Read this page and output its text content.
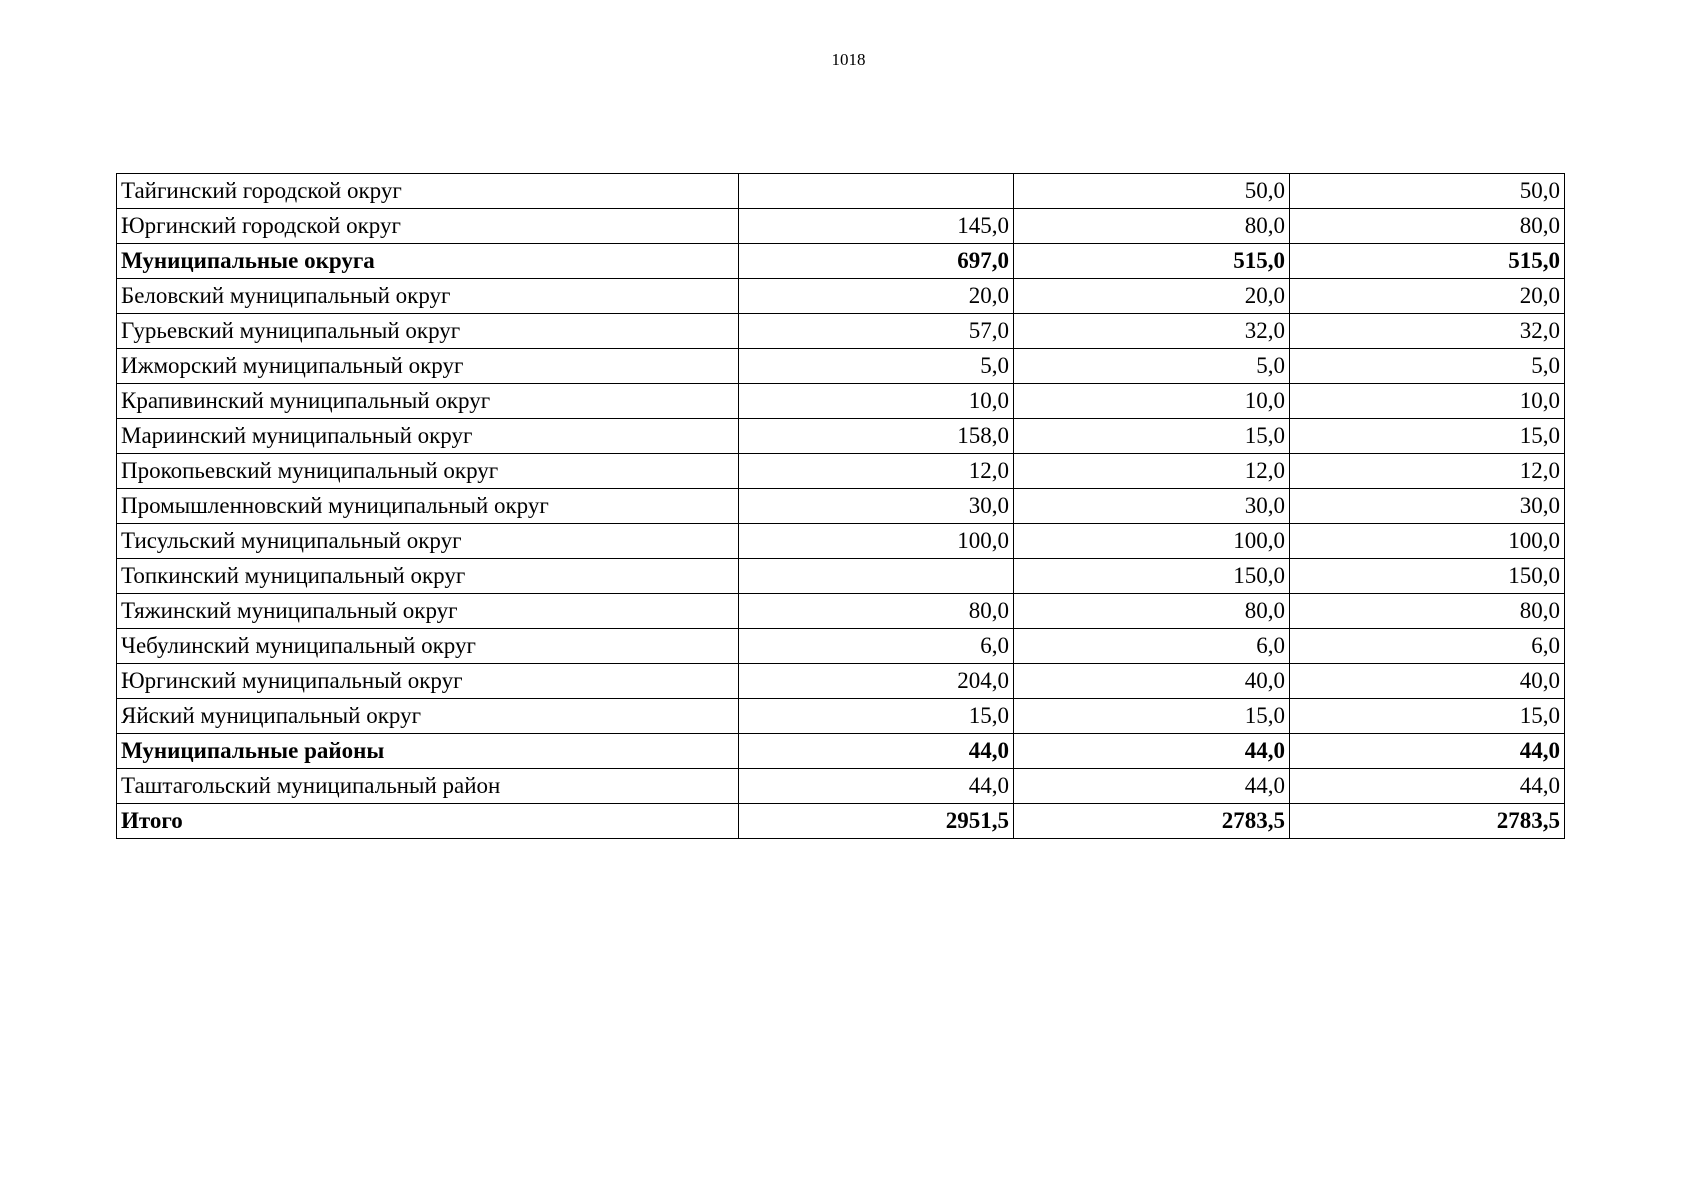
1018
Тайгинский городской округ		50,0	50,0
Юргинский городской округ	145,0	80,0	80,0
Муниципальные округа	697,0	515,0	515,0
Беловский муниципальный округ	20,0	20,0	20,0
Гурьевский муниципальный округ	57,0	32,0	32,0
Ижморский муниципальный округ	5,0	5,0	5,0
Крапивинский муниципальный округ	10,0	10,0	10,0
Мариинский муниципальный округ	158,0	15,0	15,0
Прокопьевский муниципальный округ	12,0	12,0	12,0
Промышленновский муниципальный округ	30,0	30,0	30,0
Тисульский муниципальный округ	100,0	100,0	100,0
Топкинский муниципальный округ		150,0	150,0
Тяжинский муниципальный округ	80,0	80,0	80,0
Чебулинский муниципальный округ	6,0	6,0	6,0
Юргинский муниципальный округ	204,0	40,0	40,0
Яйский муниципальный округ	15,0	15,0	15,0
Муниципальные районы	44,0	44,0	44,0
Таштагольский муниципальный район	44,0	44,0	44,0
Итого	2951,5	2783,5	2783,5
